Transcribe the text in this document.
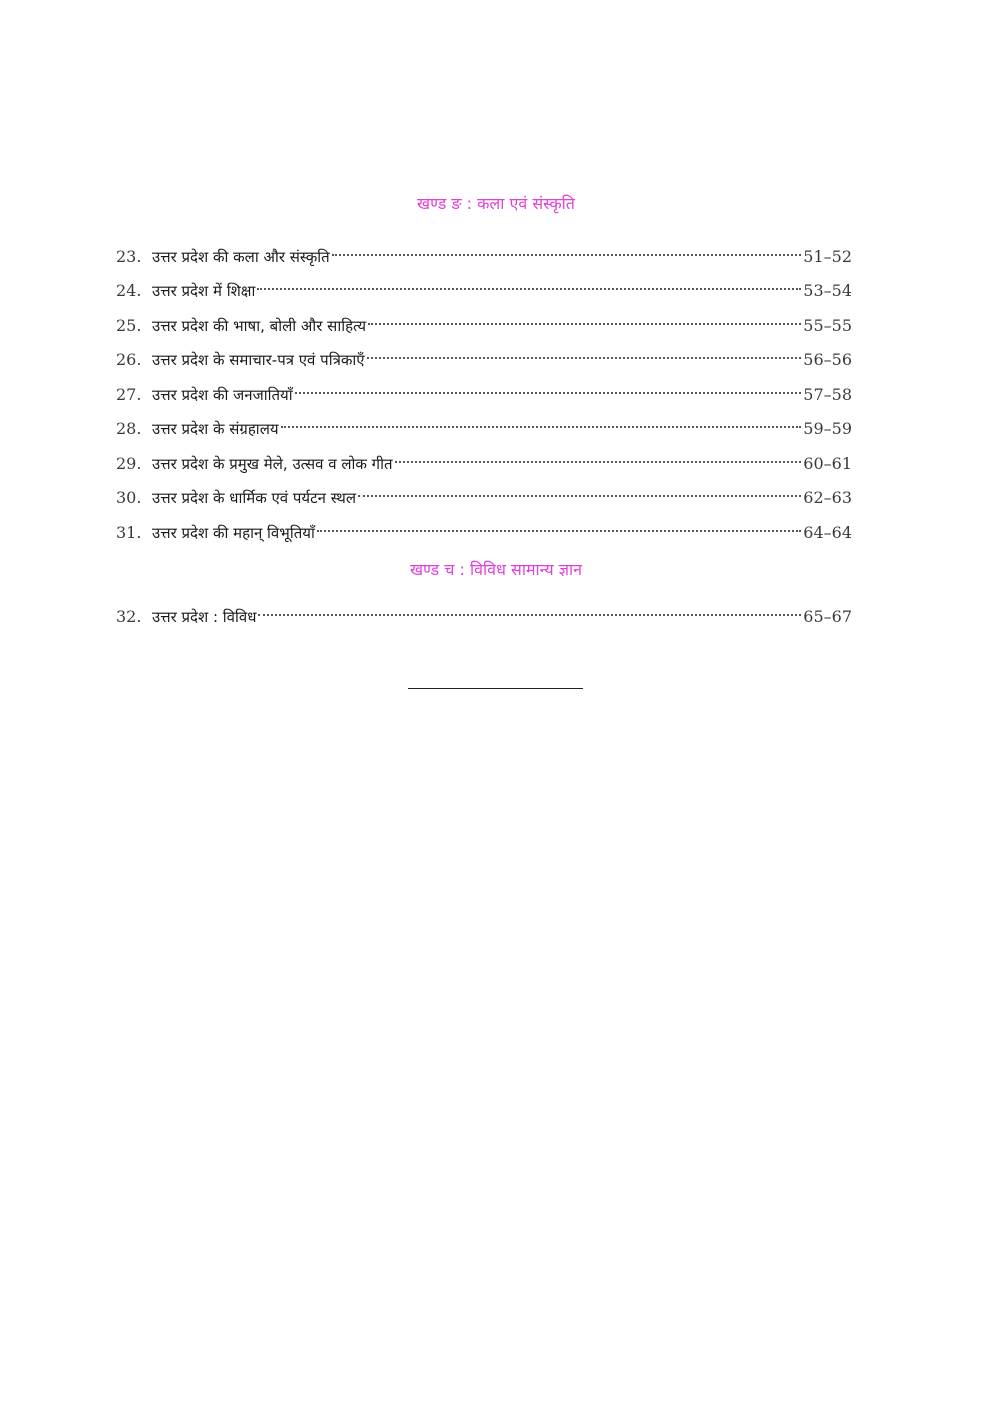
खण्ड ङ : कला एवं संस्कृति
23. उत्तर प्रदेश की कला और संस्कृति	51–52
24. उत्तर प्रदेश में शिक्षा	53–54
25. उत्तर प्रदेश की भाषा, बोली और साहित्य	55–55
26. उत्तर प्रदेश के समाचार-पत्र एवं पत्रिकाएँ	56–56
27. उत्तर प्रदेश की जनजातियाँ	57–58
28. उत्तर प्रदेश के संग्रहालय	59–59
29. उत्तर प्रदेश के प्रमुख मेले, उत्सव व लोक गीत	60–61
30. उत्तर प्रदेश के धार्मिक एवं पर्यटन स्थल	62–63
31. उत्तर प्रदेश की महान् विभूतियाँ	64–64
खण्ड च : विविध सामान्य ज्ञान
32. उत्तर प्रदेश : विविध	65–67
